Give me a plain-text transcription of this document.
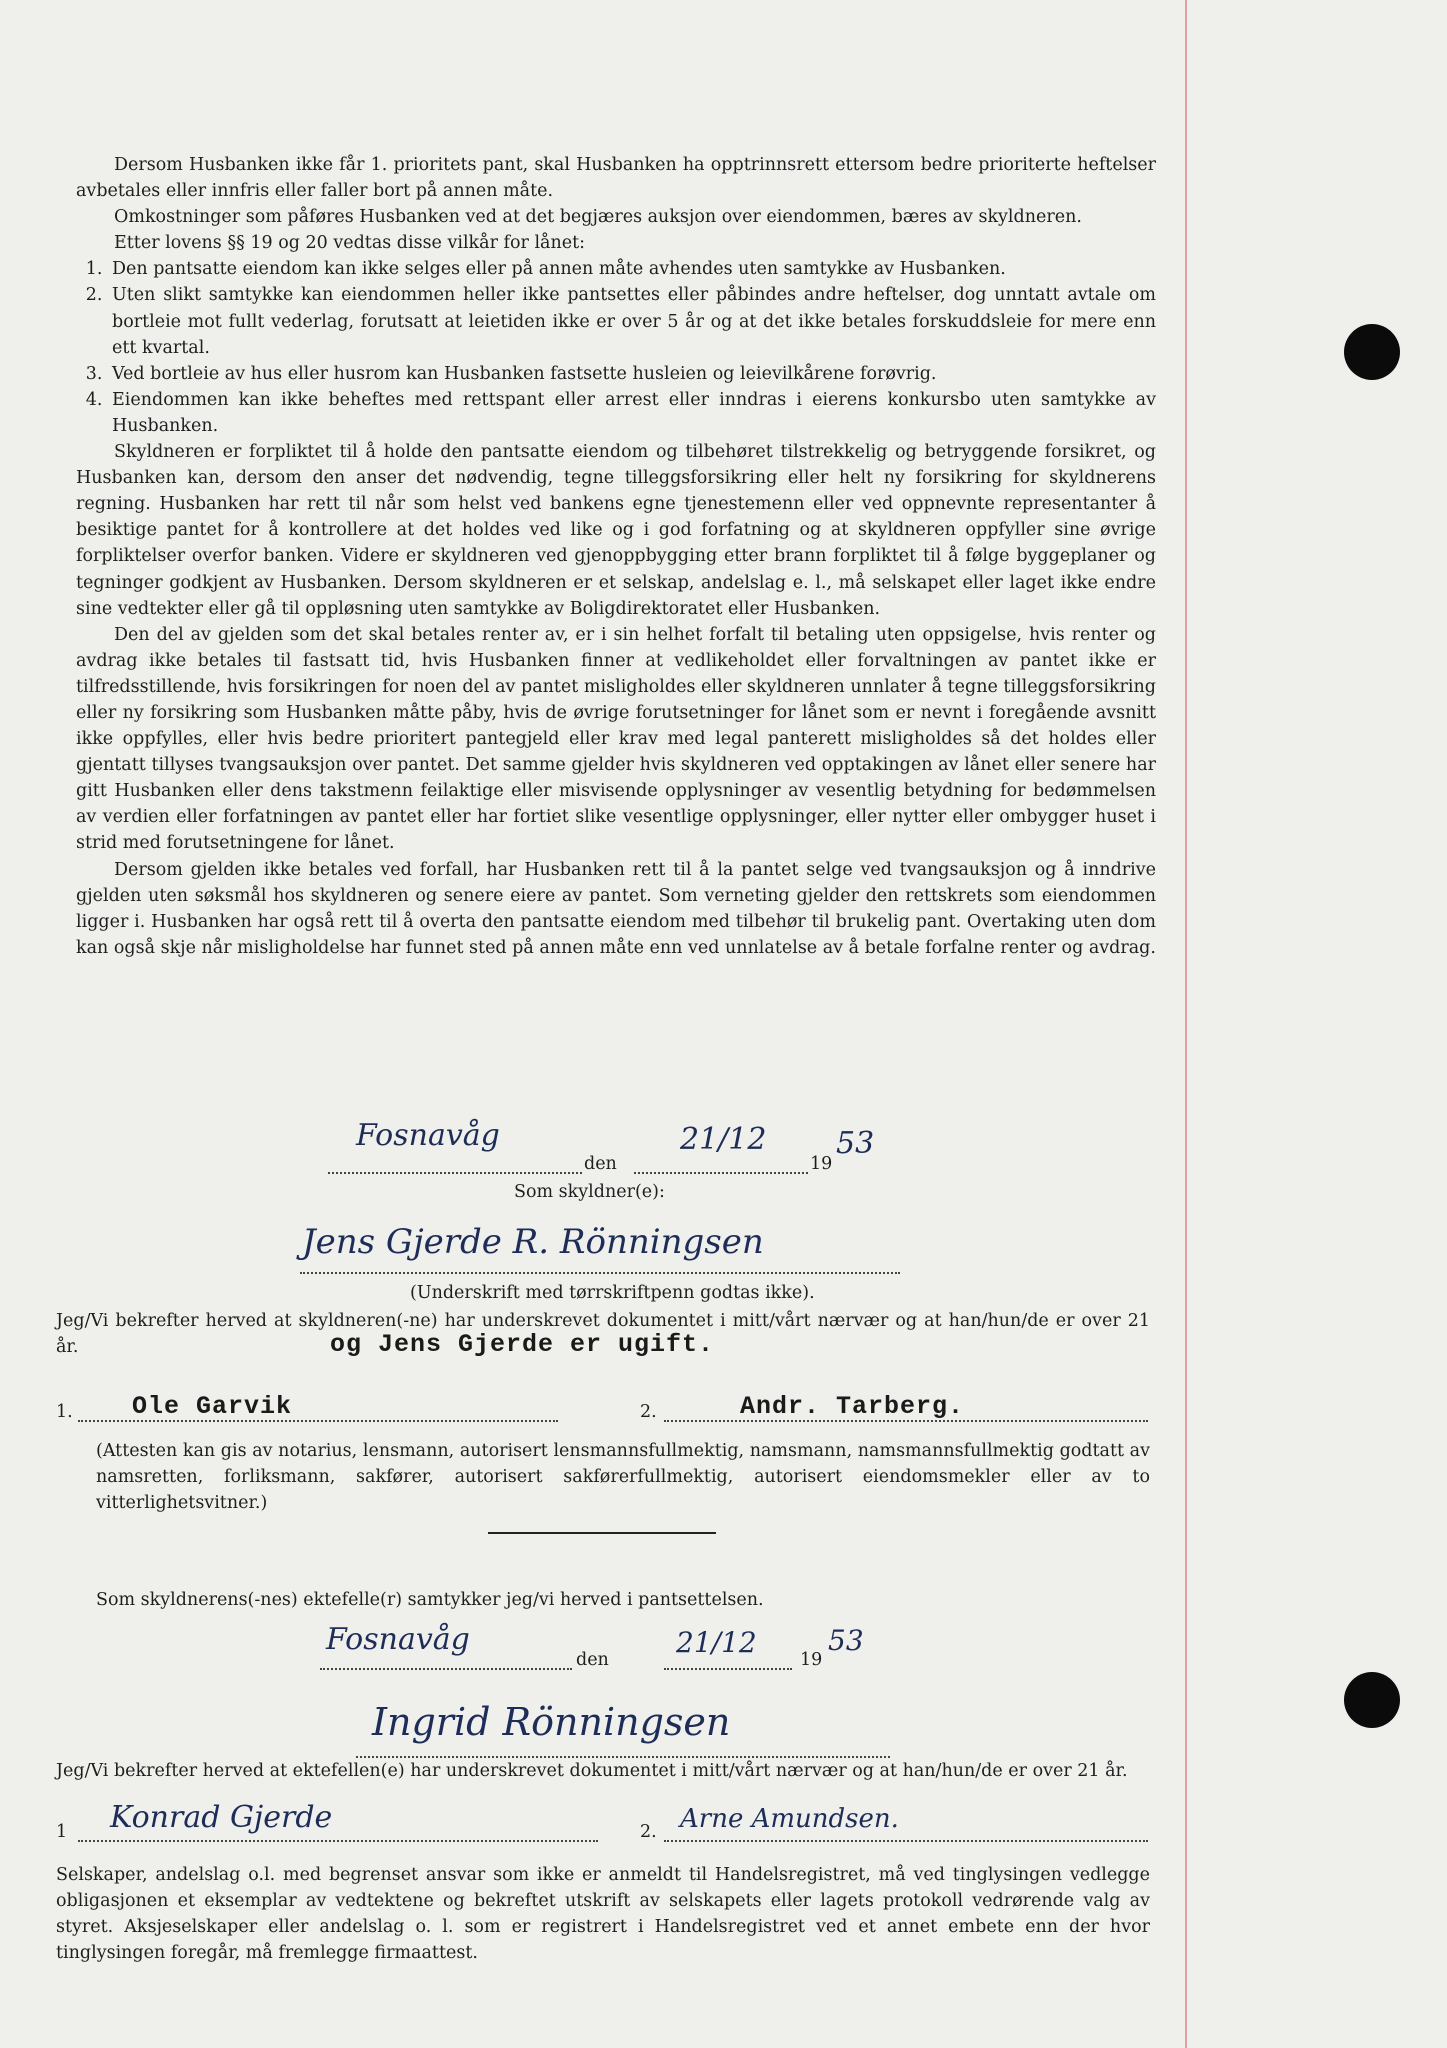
Dersom Husbanken ikke får 1. prioritets pant, skal Husbanken ha opptrinnsrett ettersom bedre prioriterte heftelser avbetales eller innfris eller faller bort på annen måte.

Omkostninger som påføres Husbanken ved at det begjæres auksjon over eiendommen, bæres av skyldneren.

Etter lovens §§ 19 og 20 vedtas disse vilkår for lånet:

1. Den pantsatte eiendom kan ikke selges eller på annen måte avhendes uten samtykke av Husbanken.
2. Uten slikt samtykke kan eiendommen heller ikke pantsettes eller påbindes andre heftelser, dog unntatt avtale om bortleie mot fullt vederlag, forutsatt at leietiden ikke er over 5 år og at det ikke betales forskuddsleie for mere enn ett kvartal.
3. Ved bortleie av hus eller husrom kan Husbanken fastsette husleien og leievilkårene forøvrig.
4. Eiendommen kan ikke beheftes med rettspant eller arrest eller inndras i eierens konkursbo uten samtykke av Husbanken.

Skyldneren er forpliktet til å holde den pantsatte eiendom og tilbehøret tilstrekkelig og betryggende forsikret, og Husbanken kan, dersom den anser det nødvendig, tegne tilleggsforsikring eller helt ny forsikring for skyldnerens regning. Husbanken har rett til når som helst ved bankens egne tjenestemenn eller ved oppnevnte representanter å besiktige pantet for å kontrollere at det holdes ved like og i god forfatning og at skyldneren oppfyller sine øvrige forpliktelser overfor banken. Videre er skyldneren ved gjenoppbygging etter brann forpliktet til å følge byggeplaner og tegninger godkjent av Husbanken. Dersom skyldneren er et selskap, andelslag e. l., må selskapet eller laget ikke endre sine vedtekter eller gå til oppløsning uten samtykke av Boligdirektoratet eller Husbanken.

Den del av gjelden som det skal betales renter av, er i sin helhet forfalt til betaling uten oppsigelse, hvis renter og avdrag ikke betales til fastsatt tid, hvis Husbanken finner at vedlikeholdet eller forvaltningen av pantet ikke er tilfredsstillende, hvis forsikringen for noen del av pantet misligholdes eller skyldneren unnlater å tegne tilleggsforsikring eller ny forsikring som Husbanken måtte påby, hvis de øvrige forutsetninger for lånet som er nevnt i foregående avsnitt ikke oppfylles, eller hvis bedre prioritert pantegjeld eller krav med legal panterett misligholdes så det holdes eller gjentatt tillyses tvangsauksjon over pantet. Det samme gjelder hvis skyldneren ved opptakingen av lånet eller senere har gitt Husbanken eller dens takstmenn feilaktige eller misvisende opplysninger av vesentlig betydning for bedømmelsen av verdien eller forfatningen av pantet eller har fortiet slike vesentlige opplysninger, eller nytter eller ombygger huset i strid med forutsetningene for lånet.

Dersom gjelden ikke betales ved forfall, har Husbanken rett til å la pantet selge ved tvangsauksjon og å inndrive gjelden uten søksmål hos skyldneren og senere eiere av pantet. Som verneting gjelder den rettskrets som eiendommen ligger i. Husbanken har også rett til å overta den pantsatte eiendom med tilbehør til brukelig pant. Overtaking uten dom kan også skje når misligholdelse har funnet sted på annen måte enn ved unnlatelse av å betale forfalne renter og avdrag.

Fosnavåg
den
21/12
19
53
Som skyldner(e):
Jens Gjerde R. Rönningsen
(Underskrift med tørrskriftpenn godtas ikke).
Jeg/Vi bekrefter herved at skyldneren(-ne) har underskrevet dokumentet i mitt/vårt nærvær og at han/hun/de er over 21 år.	og Jens Gjerde er ugift.
1. Ole Garvik	2.	Andr. Tarberg.
(Attesten kan gis av notarius, lensmann, autorisert lensmannsfullmektig, namsmann, namsmannsfullmektig godtatt av namsretten, forliksmann, sakfører, autorisert sakførerfullmektig, autorisert eiendomsmekler eller av to vitterlighetsvitner.)
Som skyldnerens(-nes) ektefelle(r) samtykker jeg/vi herved i pantsettelsen.
Fosnavåg
den
21/12
19
53
Ingrid Rönningsen
Jeg/Vi bekrefter herved at ektefellen(e) har underskrevet dokumentet i mitt/vårt nærvær og at han/hun/de er over 21 år.
1 Konrad Gjerde	2. Arne Amundsen.
Selskaper, andelslag o.l. med begrenset ansvar som ikke er anmeldt til Handelsregistret, må ved tinglysingen vedlegge obligasjonen et eksemplar av vedtektene og bekreftet utskrift av selskapets eller lagets protokoll vedrørende valg av styret. Aksjeselskaper eller andelslag o. l. som er registrert i Handelsregistret ved et annet embete enn der hvor tinglysingen foregår, må fremlegge firmaattest.
